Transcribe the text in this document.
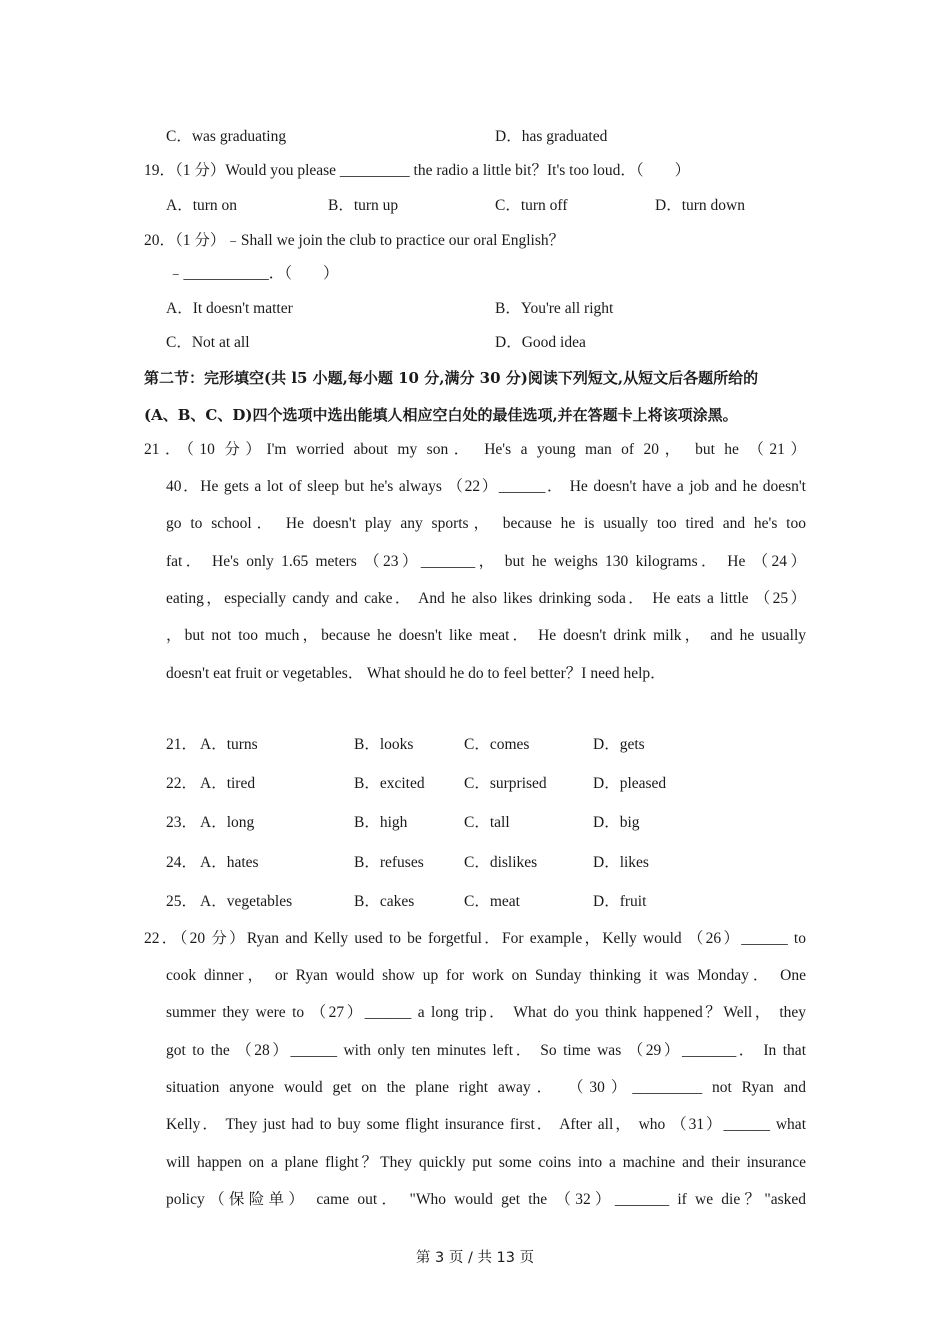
C．was graduating	D．has graduated
19．（1 分）Would you please _________ the radio a little bit？It's too loud．（　　）
A．turn on	B．turn up	C．turn off	D．turn down
20．（1 分）﹣Shall we join the club to practice our oral English？
﹣___________．（　　）
A．It doesn't matter	B．You're all right
C．Not at all	D．Good idea
第二节：完形填空(共 l5 小题,每小题 10 分,满分 30 分)阅读下列短文,从短文后各题所给的
(A、B、C、D)四个选项中选出能填人相应空白处的最佳选项,并在答题卡上将该项涂黑。
21．（10 分）I'm worried about my son． He's a young man of 20， but he （21）
40．He gets a lot of sleep but he's always （22）______． He doesn't have a job and he doesn't
go to school． He doesn't play any sports， because he is usually too tired and he's too
fat． He's only 1.65 meters （23）_______， but he weighs 130 kilograms． He （24）
eating，especially candy and cake． And he also likes drinking soda． He eats a little （25）
，but not too much，because he doesn't like meat． He doesn't drink milk， and he usually
doesn't eat fruit or vegetables． What should he do to feel better？I need help．
21． A．turns	B．looks	C．comes	D．gets
22． A．tired	B．excited	C．surprised	D．pleased
23． A．long	B．high	C．tall	D．big
24． A．hates	B．refuses	C．dislikes	D．likes
25． A．vegetables	B．cakes	C．meat	D．fruit
22．（20 分）Ryan and Kelly used to be forgetful．For example，Kelly would （26）______ to
cook dinner， or Ryan would show up for work on Sunday thinking it was Monday． One
summer they were to （27）______ a long trip． What do you think happened？Well， they
got to the （28）______ with only ten minutes left． So time was （29）_______． In that
situation anyone would get on the plane right away． （30）_________ not Ryan and
Kelly． They just had to buy some flight insurance first． After all， who （31）______ what
will happen on a plane flight？They quickly put some coins into a machine and their insurance
policy（保险单） came out． "Who would get the （32）_______ if we die？"asked
第 3 页 / 共 13 页
